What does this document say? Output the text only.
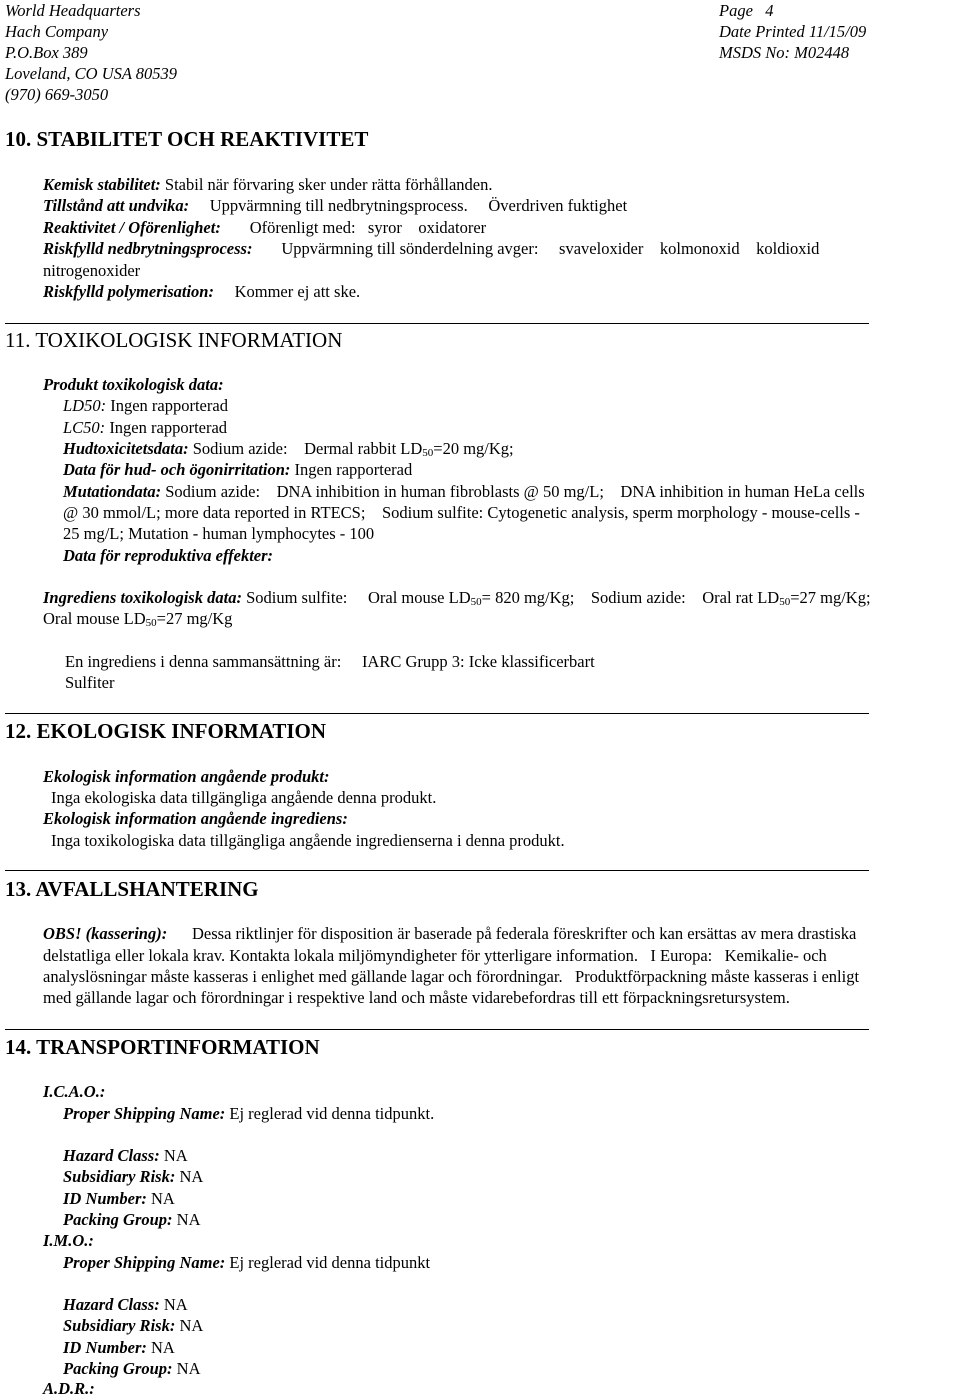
World Headquarters
Hach Company
P.O.Box 389
Loveland, CO USA 80539
(970) 669-3050
Page 4
Date Printed 11/15/09
MSDS No: M02448
10. STABILITET OCH REAKTIVITET
Kemisk stabilitet: Stabil när förvaring sker under rätta förhållanden.
Tillstånd att undvika: Uppvärmning till nedbrytningsprocess. Överdriven fuktighet
Reaktivitet / Oförenlighet: Oförenligt med: syror oxidatorer
Riskfylld nedbrytningsprocess: Uppvärmning till sönderdelning avger: svaveloxider kolmonoxid koldioxid
nitrogenoxider
Riskfylld polymerisation: Kommer ej att ske.
11. TOXIKOLOGISK INFORMATION
Produkt toxikologisk data:
LD50: Ingen rapporterad
LC50: Ingen rapporterad
Hudtoxicitetsdata: Sodium azide: Dermal rabbit $LD_{50}=20$ mg/Kg;
Data för hud- och ögonirritation: Ingen rapporterad
Mutationdata: Sodium azide: DNA inhibition in human fibroblasts @ 50 mg/L; DNA inhibition in human HeLa cells
@ 30 mmol/L; more data reported in RTECS; Sodium sulfite: Cytogenetic analysis, sperm morphology - mouse-cells -
25 mg/L; Mutation - human lymphocytes - 100
Data för reproduktiva effekter:
Ingrediens toxikologisk data: Sodium sulfite: Oral mouse $LD_{50}= 820$ mg/Kg; Sodium azide: Oral rat $LD_{50}=27$ mg/Kg;
Oral mouse $LD_{50}=27$ mg/Kg
En ingrediens i denna sammansättning är: IARC Grupp 3: Icke klassificerbart
Sulfiter
12. EKOLOGISK INFORMATION
Ekologisk information angående produkt:
Inga ekologiska data tillgängliga angående denna produkt.
Ekologisk information angående ingrediens:
Inga toxikologiska data tillgängliga angående ingredienserna i denna produkt.
13. AVFALLSHANTERING
OBS! (kassering): Dessa riktlinjer för disposition är baserade på federala föreskrifter och kan ersättas av mera drastiska
delstatliga eller lokala krav. Kontakta lokala miljömyndigheter för ytterligare information.   I Europa:   Kemikalie- och
analyslösningar måste kasseras i enlighet med gällande lagar och förordningar.   Produktförpackning måste kasseras i enligt
med gällande lagar och förordningar i respektive land och måste vidarebefordras till ett förpackningsretursystem.
14. TRANSPORTINFORMATION
I.C.A.O.:
Proper Shipping Name: Ej reglerad vid denna tidpunkt.
Hazard Class: NA
Subsidiary Risk: NA
ID Number: NA
Packing Group: NA
I.M.O.:
Proper Shipping Name: Ej reglerad vid denna tidpunkt
Hazard Class: NA
Subsidiary Risk: NA
ID Number: NA
Packing Group: NA
A.D.R.:
